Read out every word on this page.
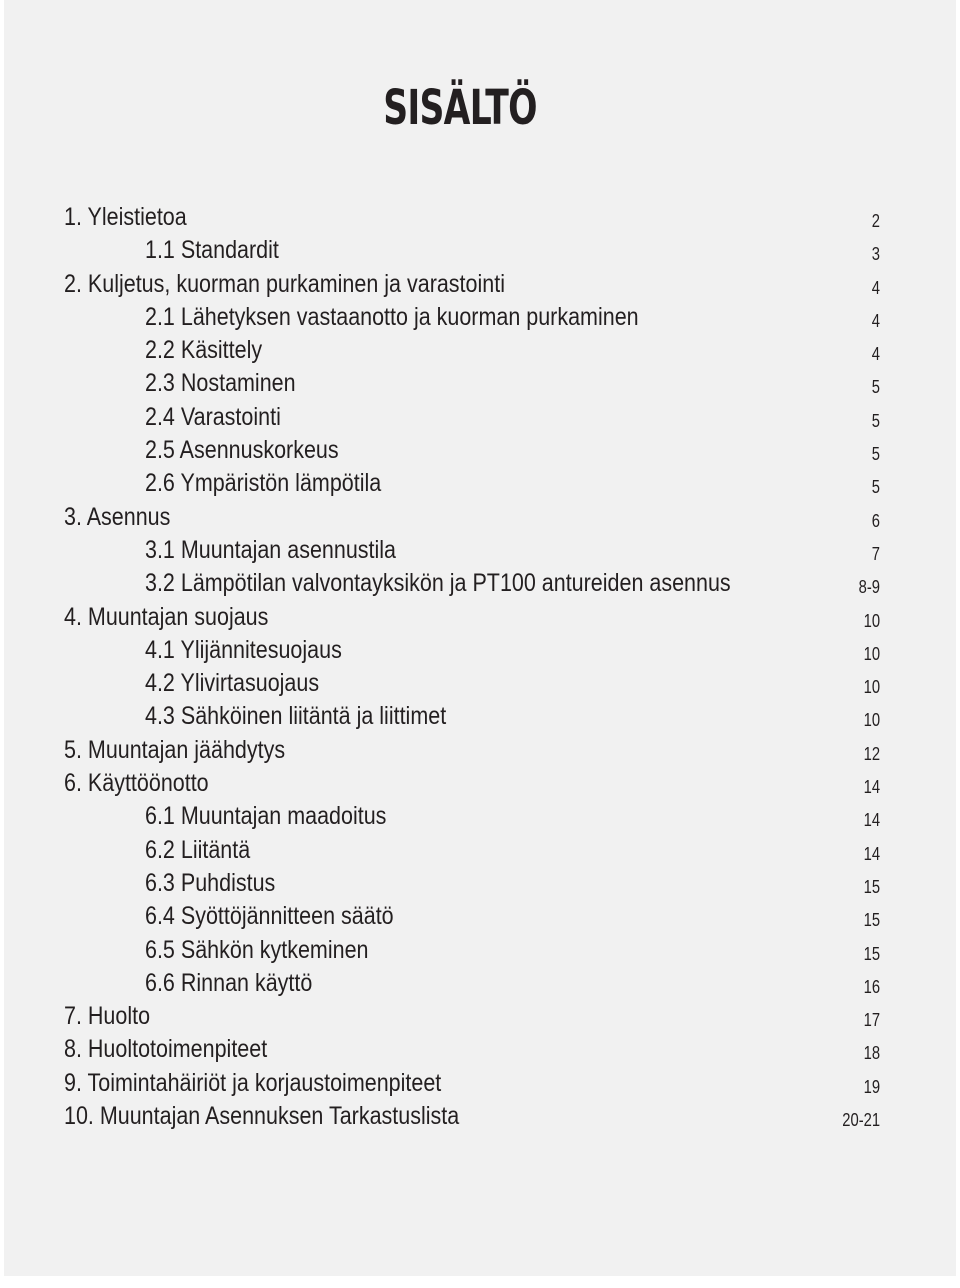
SISÄLTÖ
1. Yleistietoa	2
1.1 Standardit	3
2. Kuljetus, kuorman purkaminen ja varastointi	4
2.1 Lähetyksen vastaanotto ja kuorman purkaminen	4
2.2 Käsittely	4
2.3 Nostaminen	5
2.4 Varastointi	5
2.5 Asennuskorkeus	5
2.6 Ympäristön lämpötila	5
3. Asennus	6
3.1 Muuntajan asennustila	7
3.2 Lämpötilan valvontayksikön ja PT100 antureiden asennus	8-9
4. Muuntajan suojaus	10
4.1 Ylijännitesuojaus	10
4.2 Ylivirtasuojaus	10
4.3 Sähköinen liitäntä ja liittimet	10
5. Muuntajan jäähdytys	12
6. Käyttöönotto	14
6.1 Muuntajan maadoitus	14
6.2 Liitäntä	14
6.3 Puhdistus	15
6.4 Syöttöjännitteen säätö	15
6.5 Sähkön kytkeminen	15
6.6 Rinnan käyttö	16
7. Huolto	17
8. Huoltotoimenpiteet	18
9. Toimintahäiriöt ja korjaustoimenpiteet	19
10. Muuntajan Asennuksen Tarkastuslista	20-21
